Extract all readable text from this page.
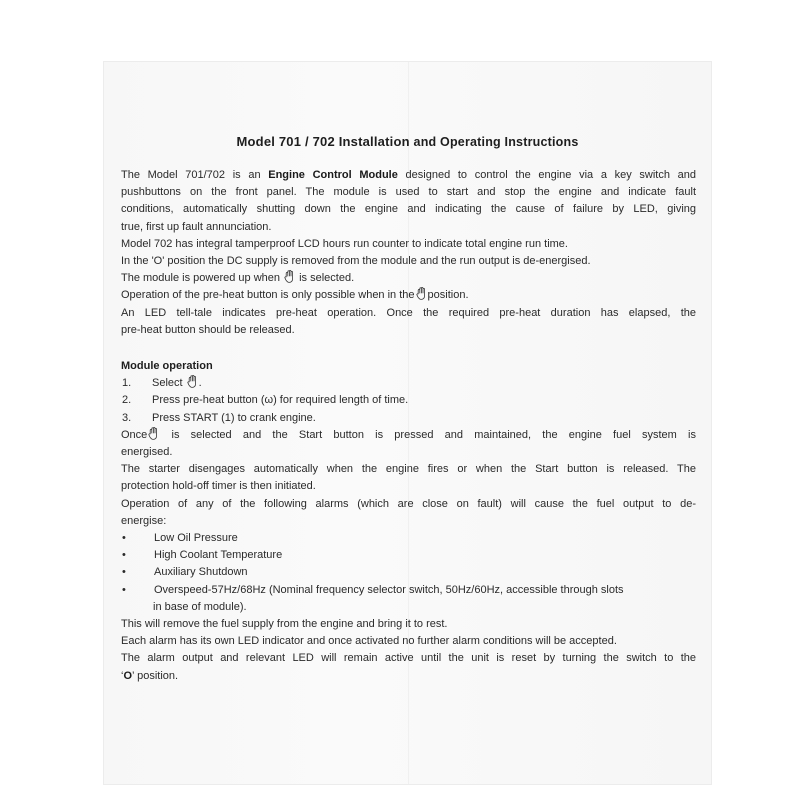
Model 701 / 702 Installation and Operating Instructions

The Model 701/702 is an Engine Control Module designed to control the engine via a key switch and

pushbuttons on the front panel. The module is used to start and stop the engine and indicate fault

conditions, automatically shutting down the engine and indicating the cause of failure by LED, giving

true, first up fault annunciation.

Model 702 has integral tamperproof LCD hours run counter to indicate total engine run time.

In the 'O' position the DC supply is removed from the module and the run output is de-energised.

The module is powered up when
is selected.

Operation of the pre-heat button is only possible when in the position.

An LED tell-tale indicates pre-heat operation. Once the required pre-heat duration has elapsed, the

pre-heat button should be released.

Module operation

1. Select .

2. Press pre-heat button (ω) for required length of time.

3. Press START (1) to crank engine.

Once is selected and the Start button is pressed and maintained, the engine fuel system is

energised.

The starter disengages automatically when the engine fires or when the Start button is released. The

protection hold-off timer is then initiated.

Operation of any of the following alarms (which are close on fault) will cause the fuel output to de-

energise:

•	Low Oil Pressure

•	High Coolant Temperature

•	Auxiliary Shutdown

•	Overspeed-57Hz/68Hz (Nominal frequency selector switch, 50Hz/60Hz, accessible through slots

in base of module).

This will remove the fuel supply from the engine and bring it to rest.

Each alarm has its own LED indicator and once activated no further alarm conditions will be accepted.

The alarm output and relevant LED will remain active until the unit is reset by turning the switch to the

‘O’ position.
